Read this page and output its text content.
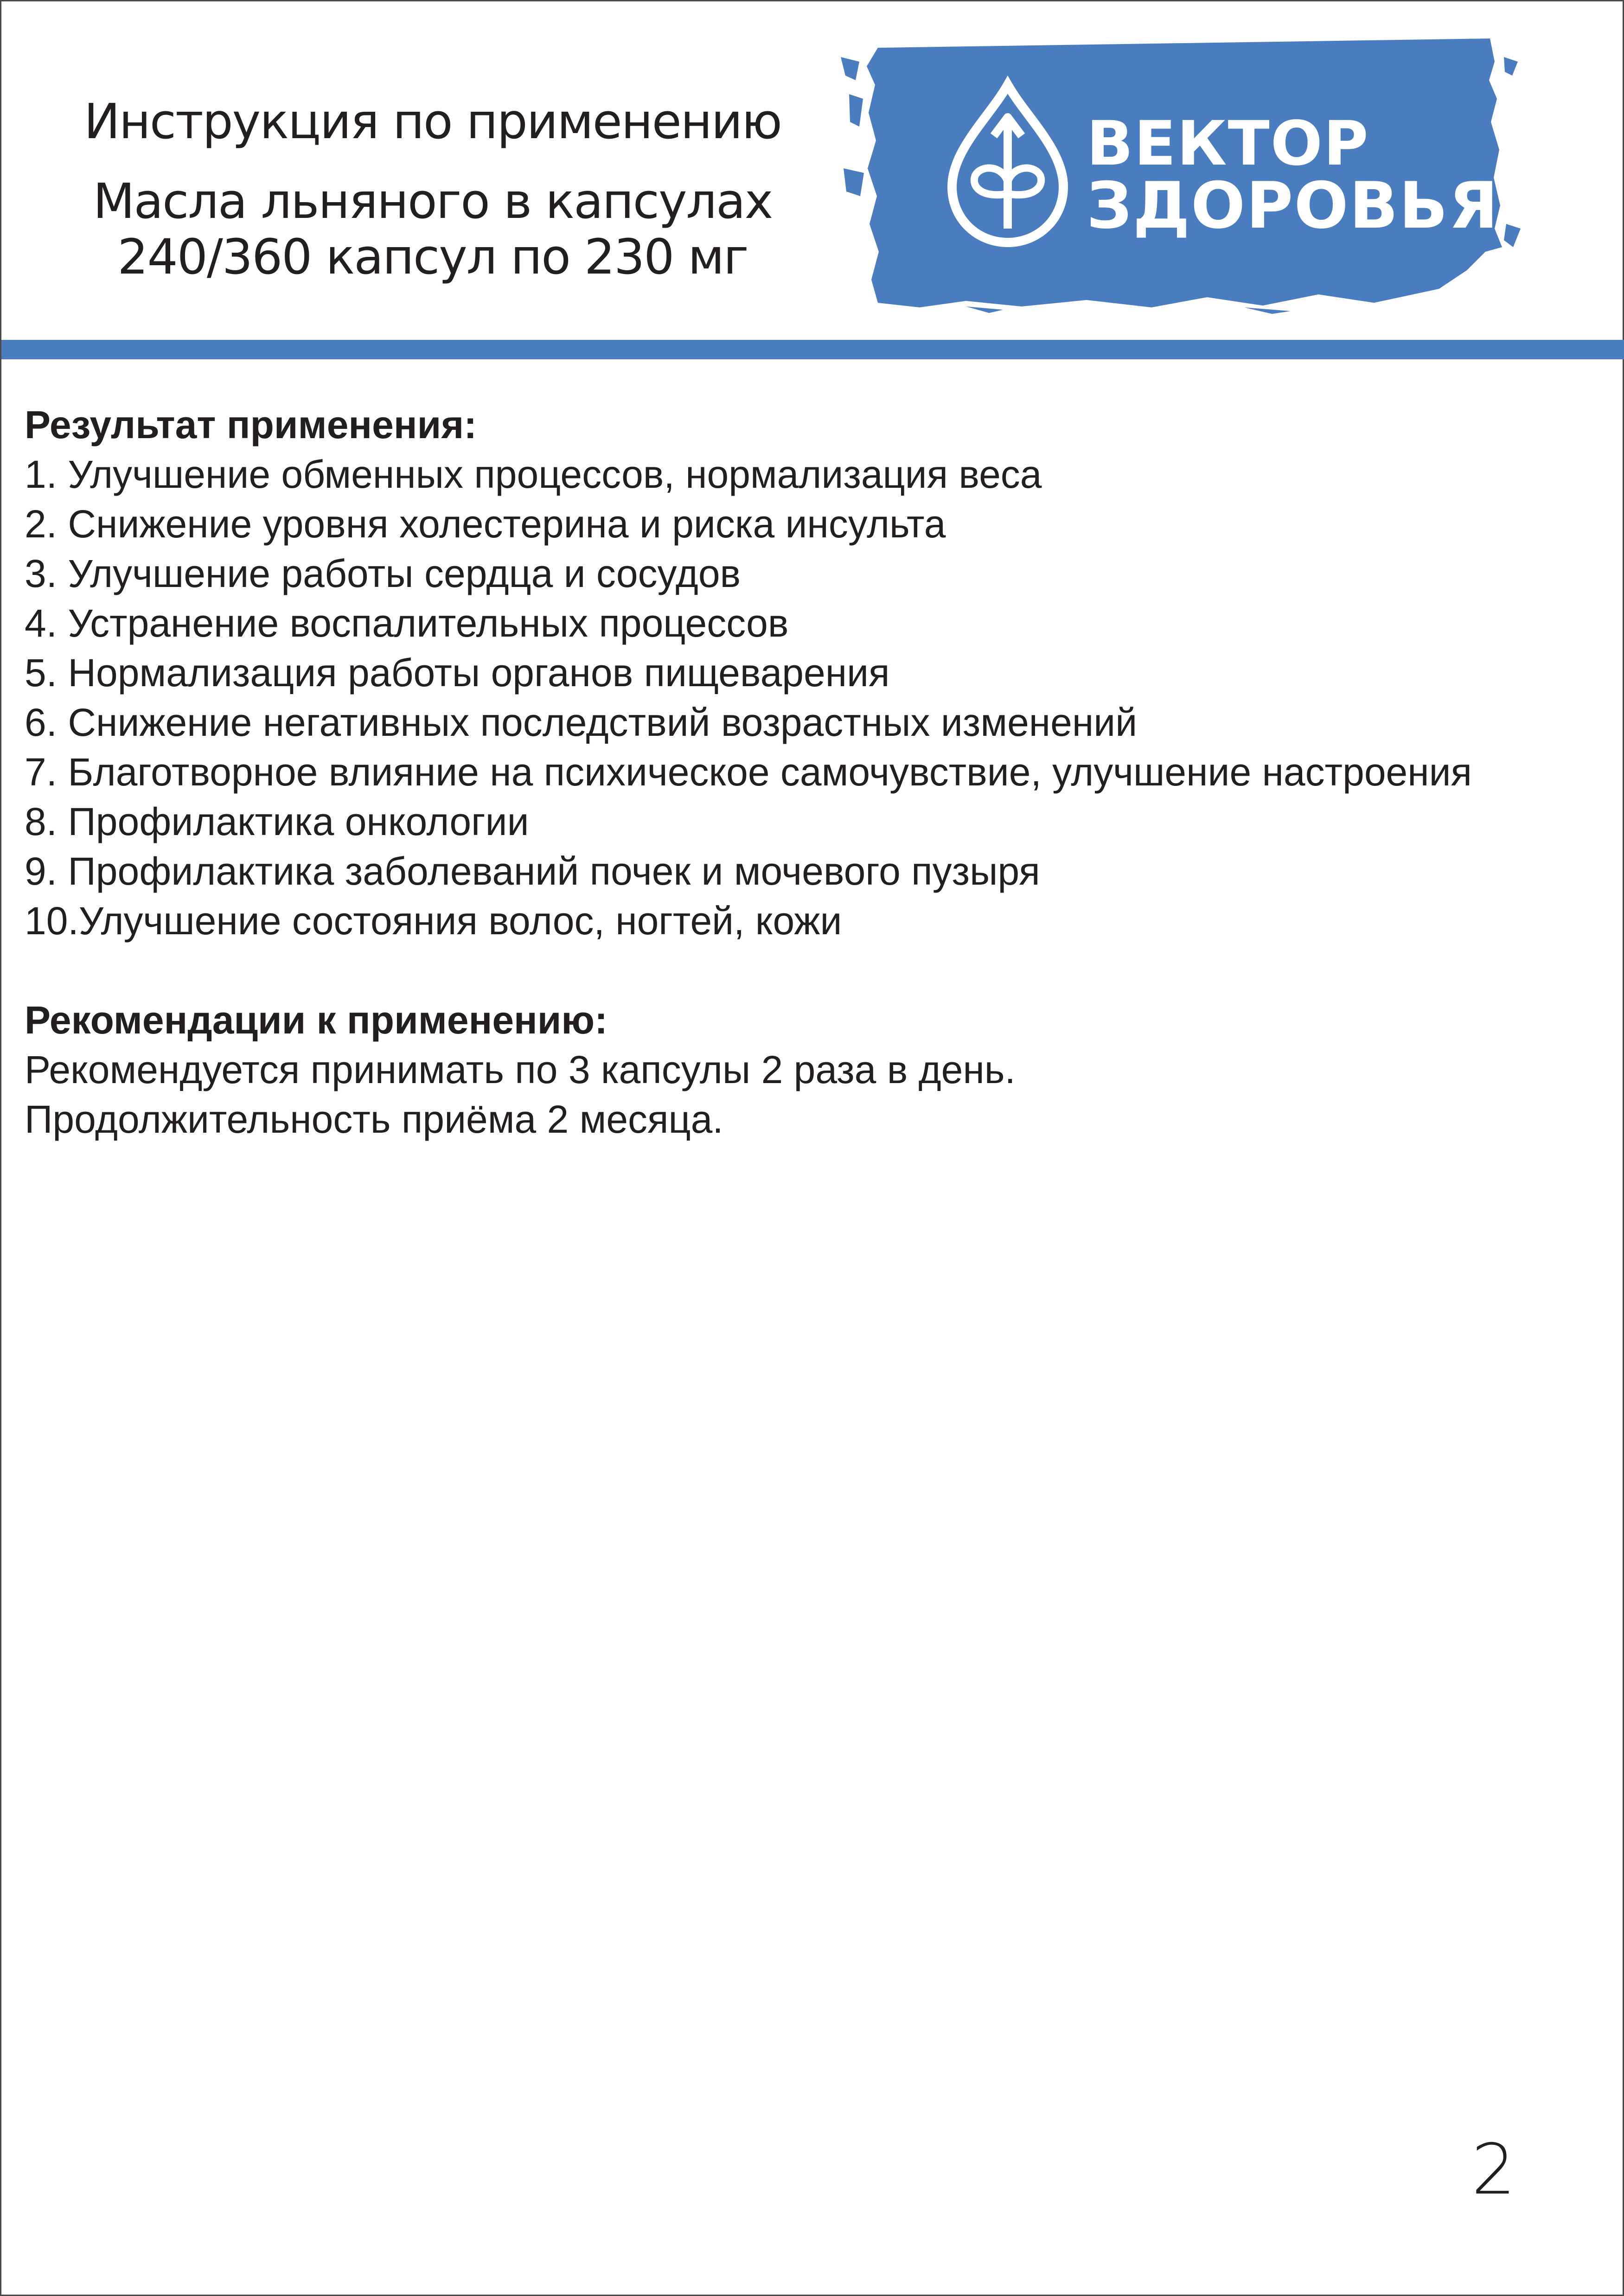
Инструкция по применению
Масла льняного в капсулах
240/360 капсул по 230 мг
ВЕКТОР
ЗДОРОВЬЯ
Результат применения:
1. Улучшение обменных процессов, нормализация веса
2. Снижение уровня холестерина и риска инсульта
3. Улучшение работы сердца и сосудов
4. Устранение воспалительных процессов
5. Нормализация работы органов пищеварения
6. Снижение негативных последствий возрастных изменений
7. Благотворное влияние на психическое самочувствие, улучшение настроения
8. Профилактика онкологии
9. Профилактика заболеваний почек и мочевого пузыря
10.Улучшение состояния волос, ногтей, кожи
Рекомендации к применению:
Рекомендуется принимать по 3 капсулы 2 раза в день.
Продолжительность приёма 2 месяца.
2
